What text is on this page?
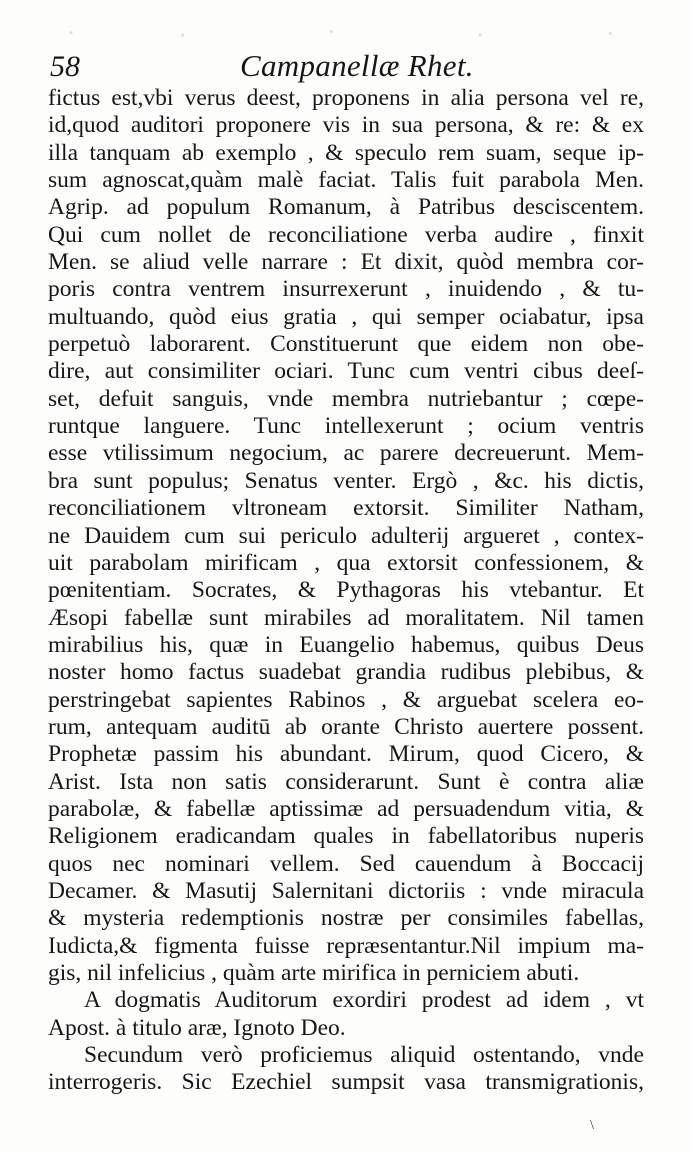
58	Campanellæ Rhet.
fictus est,vbi verus deest, proponens in alia persona vel re,
id,quod auditori proponere vis in sua persona, & re: & ex
illa tanquam ab exemplo , & speculo rem suam, seque ip-
sum agnoscat,quàm malè faciat. Talis fuit parabola Men.
Agrip. ad populum Romanum, à Patribus desciscentem.
Qui cum nollet de reconciliatione verba audire , finxit
Men. se aliud velle narrare : Et dixit, quòd membra cor-
poris contra ventrem insurrexerunt , inuidendo , & tu-
multuando, quòd eius gratia , qui semper ociabatur, ipsa
perpetuò laborarent. Constituerunt que eidem non obe-
dire, aut consimiliter ociari. Tunc cum ventri cibus deeſ-
set, defuit sanguis, vnde membra nutriebantur ; cœpe-
runtque languere. Tunc intellexerunt ; ocium ventris
esse vtilissimum negocium, ac parere decreuerunt. Mem-
bra sunt populus; Senatus venter. Ergò , &c. his dictis,
reconciliationem vltroneam extorsit. Similiter Natham,
ne Dauidem cum sui periculo adulterij argueret , contex-
uit parabolam mirificam , qua extorsit confessionem, &
pœnitentiam. Socrates, & Pythagoras his vtebantur. Et
Æsopi fabellæ sunt mirabiles ad moralitatem. Nil tamen
mirabilius his, quæ in Euangelio habemus, quibus Deus
noster homo factus suadebat grandia rudibus plebibus, &
perstringebat sapientes Rabinos , & arguebat scelera eo-
rum, antequam auditū ab orante Christo auertere possent.
Prophetæ passim his abundant. Mirum, quod Cicero, &
Arist. Ista non satis considerarunt. Sunt è contra aliæ
parabolæ, & fabellæ aptissimæ ad persuadendum vitia, &
Religionem eradicandam quales in fabellatoribus nuperis
quos nec nominari vellem. Sed cauendum à Boccacij
Decamer. & Masutij Salernitani dictoriis : vnde miracula
& mysteria redemptionis nostræ per consimiles fabellas,
Iudicta,& figmenta fuisse repræsentantur.Nil impium ma-
gis, nil infelicius , quàm arte mirifica in perniciem abuti.
A dogmatis Auditorum exordiri prodest ad idem , vt
Apost. à titulo aræ, Ignoto Deo.
Secundum verò proficiemus aliquid ostentando, vnde
interrogeris. Sic Ezechiel sumpsit vasa transmigrationis,
\
